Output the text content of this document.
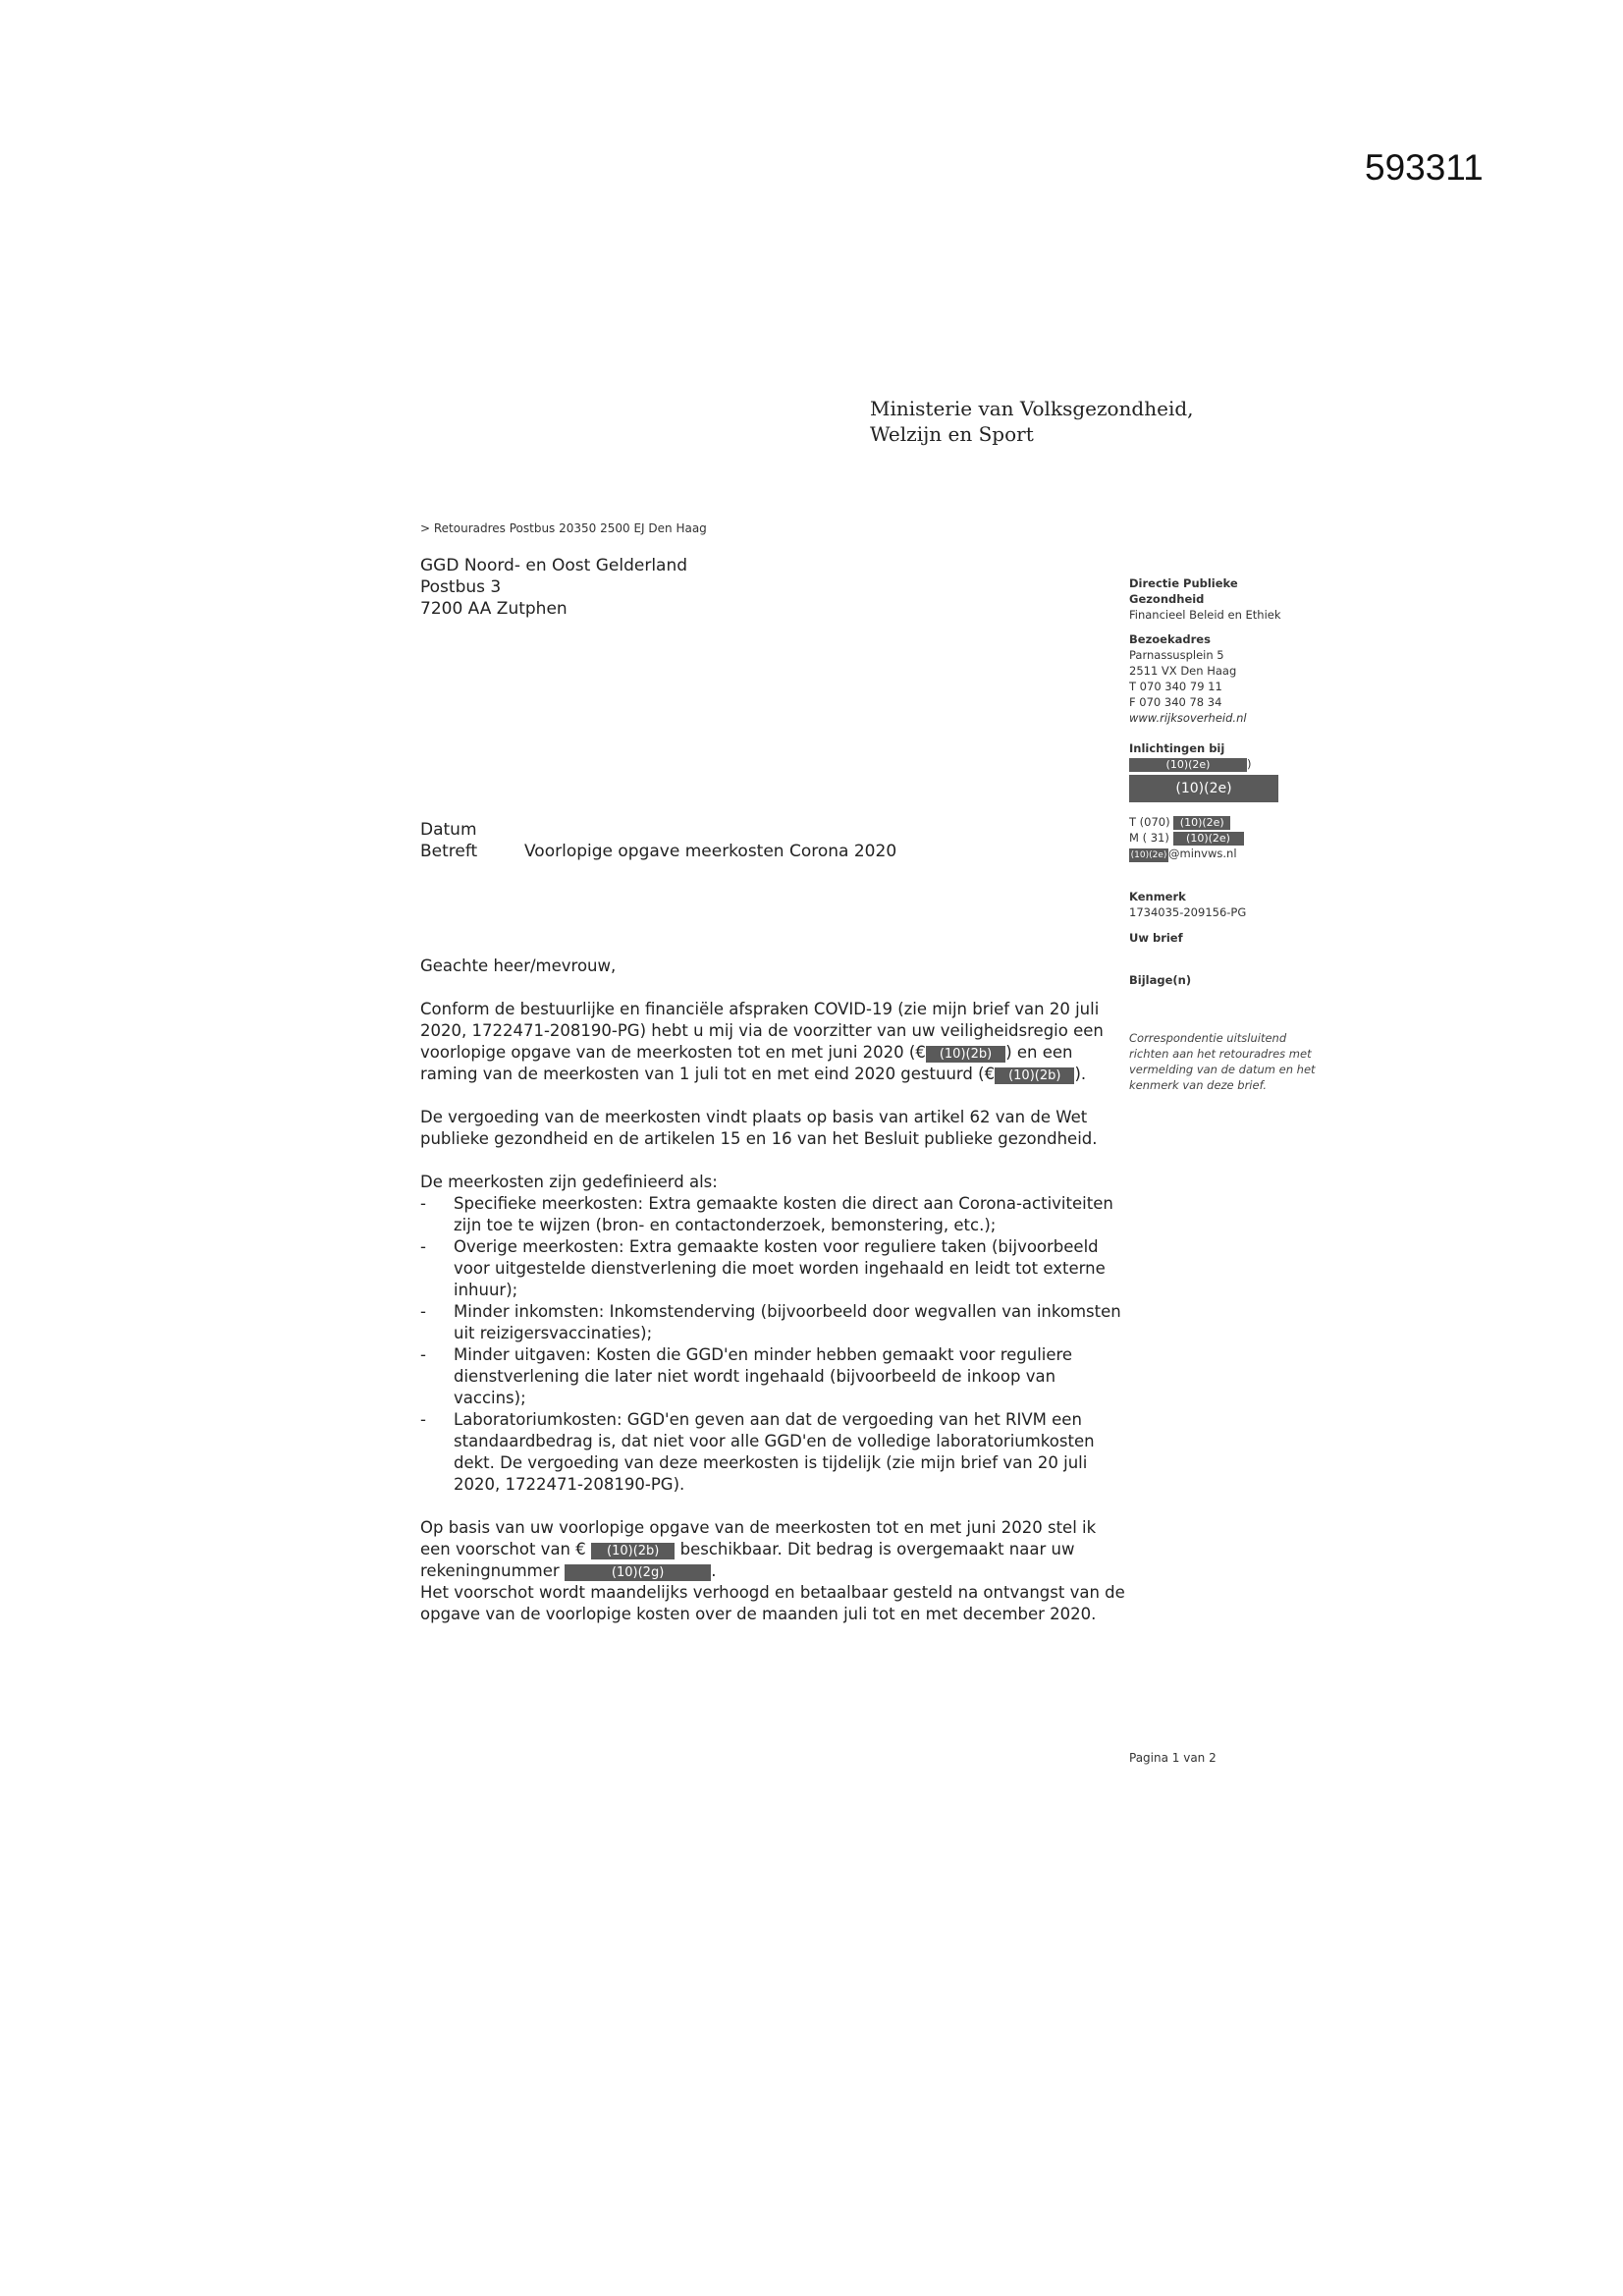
593311
Ministerie van Volksgezondheid,
Welzijn en Sport
> Retouradres Postbus 20350 2500 EJ Den Haag
GGD Noord- en Oost Gelderland
Postbus 3
7200 AA Zutphen
Directie Publieke
Gezondheid
Financieel Beleid en Ethiek
Bezoekadres
Parnassusplein 5
2511 VX Den Haag
T 070 340 79 11
F 070 340 78 34
www.rijksoverheid.nl
Inlichtingen bij
(10)(2e)	)
(10)(2e)
T (070) (10)(2e)
M ( 31) (10)(2e)
(10)(2e) @minvws.nl
Kenmerk
1734035-209156-PG
Uw brief
Bijlage(n)
Correspondentie uitsluitend richten aan het retouradres met vermelding van de datum en het kenmerk van deze brief.
Datum
Betreft	Voorlopige opgave meerkosten Corona 2020

Geachte heer/mevrouw,

Conform de bestuurlijke en financiële afspraken COVID-19 (zie mijn brief van 20 juli 2020, 1722471-208190-PG) hebt u mij via de voorzitter van uw veiligheidsregio een voorlopige opgave van de meerkosten tot en met juni 2020 (€ (10)(2b) ) en een raming van de meerkosten van 1 juli tot en met eind 2020 gestuurd (€ (10)(2b) ).

De vergoeding van de meerkosten vindt plaats op basis van artikel 62 van de Wet publieke gezondheid en de artikelen 15 en 16 van het Besluit publieke gezondheid.

De meerkosten zijn gedefinieerd als:
- Specifieke meerkosten: Extra gemaakte kosten die direct aan Corona-activiteiten zijn toe te wijzen (bron- en contactonderzoek, bemonstering, etc.);
- Overige meerkosten: Extra gemaakte kosten voor reguliere taken (bijvoorbeeld voor uitgestelde dienstverlening die moet worden ingehaald en leidt tot externe inhuur);
- Minder inkomsten: Inkomstenderving (bijvoorbeeld door wegvallen van inkomsten uit reizigersvaccinaties);
- Minder uitgaven: Kosten die GGD'en minder hebben gemaakt voor reguliere dienstverlening die later niet wordt ingehaald (bijvoorbeeld de inkoop van vaccins);
- Laboratoriumkosten: GGD'en geven aan dat de vergoeding van het RIVM een standaardbedrag is, dat niet voor alle GGD'en de volledige laboratoriumkosten dekt. De vergoeding van deze meerkosten is tijdelijk (zie mijn brief van 20 juli 2020, 1722471-208190-PG).
Op basis van uw voorlopige opgave van de meerkosten tot en met juni 2020 stel ik een voorschot van € (10)(2b) beschikbaar. Dit bedrag is overgemaakt naar uw rekeningnummer	(10)(2g)	.
Het voorschot wordt maandelijks verhoogd en betaalbaar gesteld na ontvangst van de opgave van de voorlopige kosten over de maanden juli tot en met december 2020.
Pagina 1 van 2
